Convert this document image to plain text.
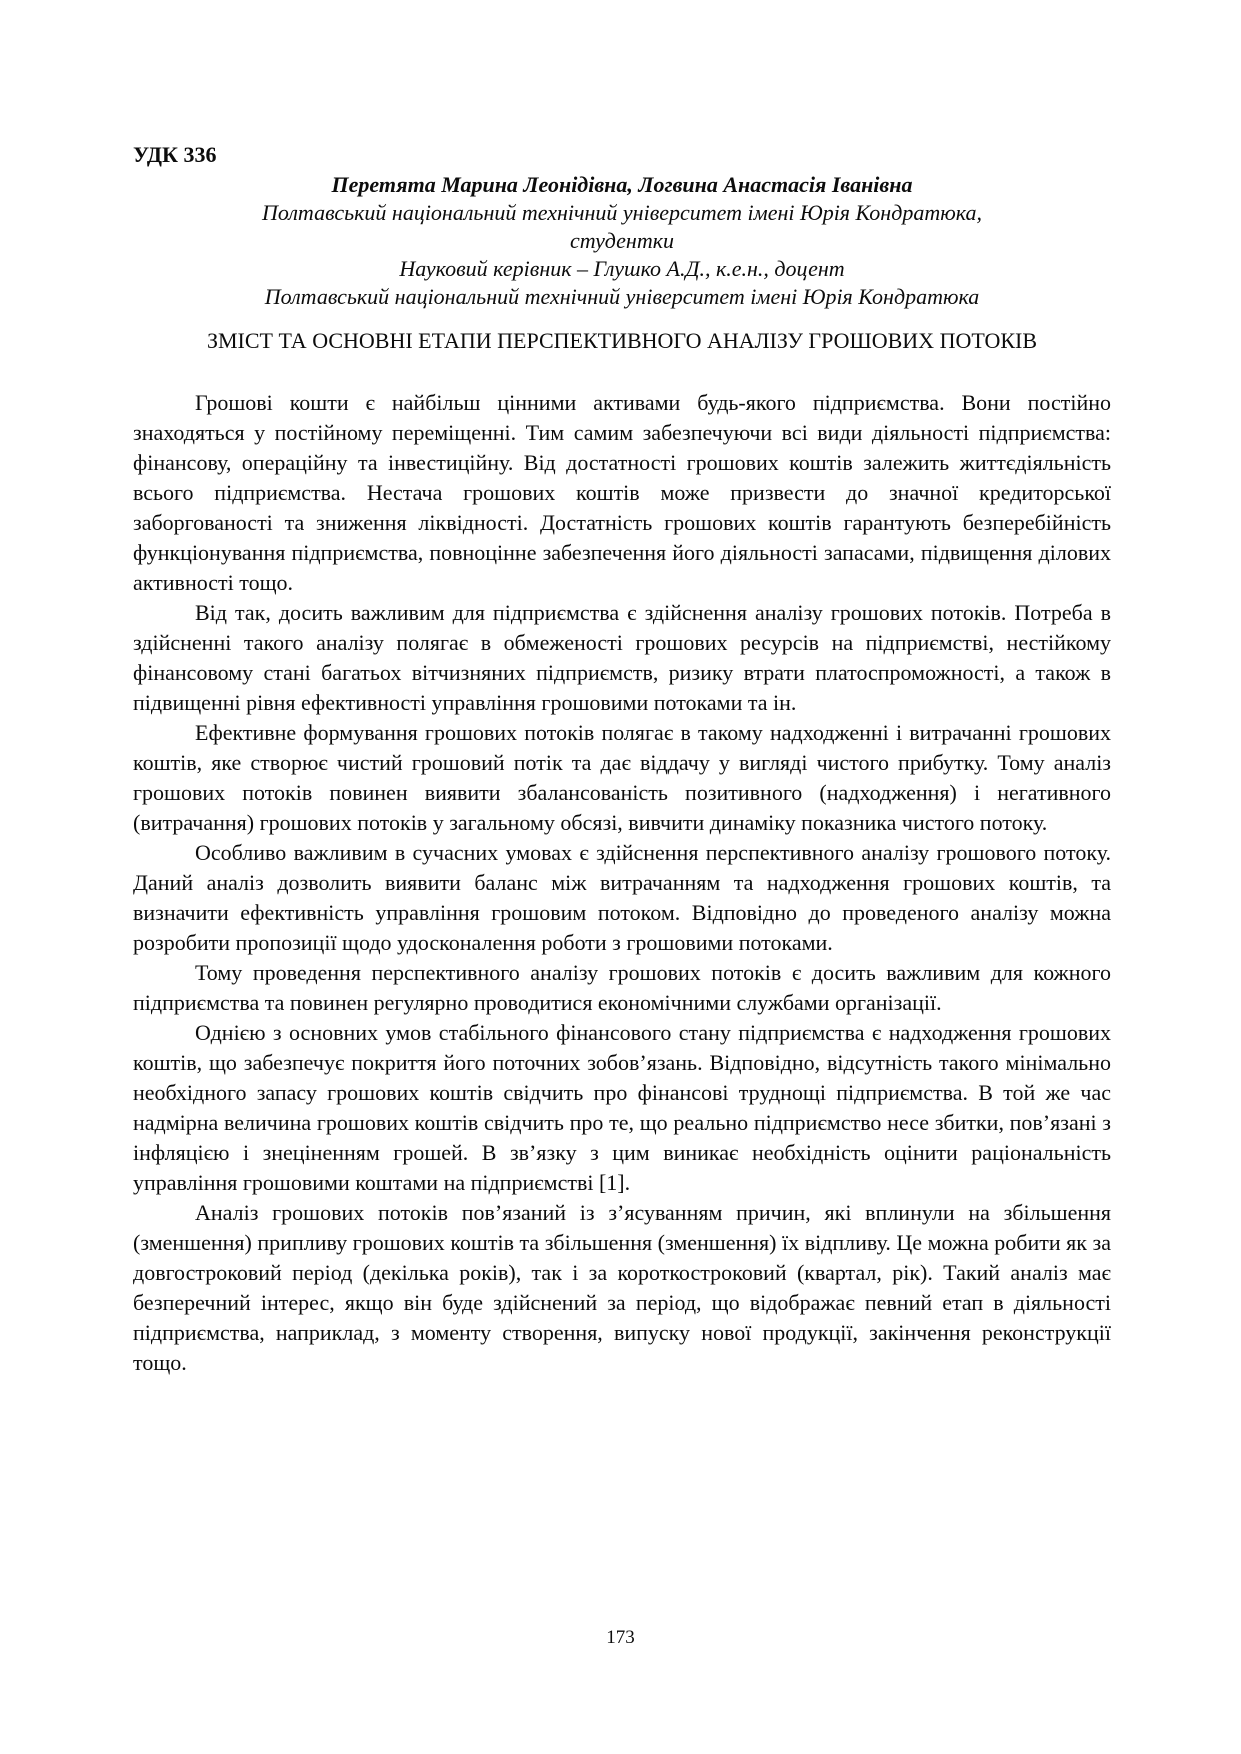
УДК 336
Перетята Марина Леонідівна, Логвина Анастасія Іванівна
Полтавський національний технічний університет імені Юрія Кондратюка,
студентки
Науковий керівник – Глушко А.Д., к.е.н., доцент
Полтавський національний технічний університет імені Юрія Кондратюка
ЗМІСТ ТА ОСНОВНІ ЕТАПИ ПЕРСПЕКТИВНОГО АНАЛІЗУ ГРОШОВИХ ПОТОКІВ

Грошові кошти є найбільш цінними активами будь-якого підприємства. Вони постійно знаходяться у постійному переміщенні. Тим самим забезпечуючи всі види діяльності підприємства: фінансову, операційну та інвестиційну. Від достатності грошових коштів залежить життєдіяльність всього підприємства. Нестача грошових коштів може призвести до значної кредиторської заборгованості та зниження ліквідності. Достатність грошових коштів гарантують безперебійність функціонування підприємства, повноцінне забезпечення його діяльності запасами, підвищення ділових активності тощо.

Від так, досить важливим для підприємства є здійснення аналізу грошових потоків. Потреба в здійсненні такого аналізу полягає в обмеженості грошових ресурсів на підприємстві, нестійкому фінансовому стані багатьох вітчизняних підприємств, ризику втрати платоспроможності, а також в підвищенні рівня ефективності управління грошовими потоками та ін.

Ефективне формування грошових потоків полягає в такому надходженні і витрачанні грошових коштів, яке створює чистий грошовий потік та дає віддачу у вигляді чистого прибутку. Тому аналіз грошових потоків повинен виявити збалансованість позитивного (надходження) і негативного (витрачання) грошових потоків у загальному обсязі, вивчити динаміку показника чистого потоку.

Особливо важливим в сучасних умовах є здійснення перспективного аналізу грошового потоку. Даний аналіз дозволить виявити баланс між витрачанням та надходження грошових коштів, та визначити ефективність управління грошовим потоком. Відповідно до проведеного аналізу можна розробити пропозиції щодо удосконалення роботи з грошовими потоками.

Тому проведення перспективного аналізу грошових потоків є досить важливим для кожного підприємства та повинен регулярно проводитися економічними службами організації.

Однією з основних умов стабільного фінансового стану підприємства є надходження грошових коштів, що забезпечує покриття його поточних зобов’язань. Відповідно, відсутність такого мінімально необхідного запасу грошових коштів свідчить про фінансові труднощі підприємства. В той же час надмірна величина грошових коштів свідчить про те, що реально підприємство несе збитки, пов’язані з інфляцією і знеціненням грошей. В зв’язку з цим виникає необхідність оцінити раціональність управління грошовими коштами на підприємстві [1].

Аналіз грошових потоків пов’язаний із з’ясуванням причин, які вплинули на збільшення (зменшення) припливу грошових коштів та збільшення (зменшення) їх відпливу. Це можна робити як за довгостроковий період (декілька років), так і за короткостроковий (квартал, рік). Такий аналіз має безперечний інтерес, якщо він буде здійснений за період, що відображає певний етап в діяльності підприємства, наприклад, з моменту створення, випуску нової продукції, закінчення реконструкції тощо.

173
